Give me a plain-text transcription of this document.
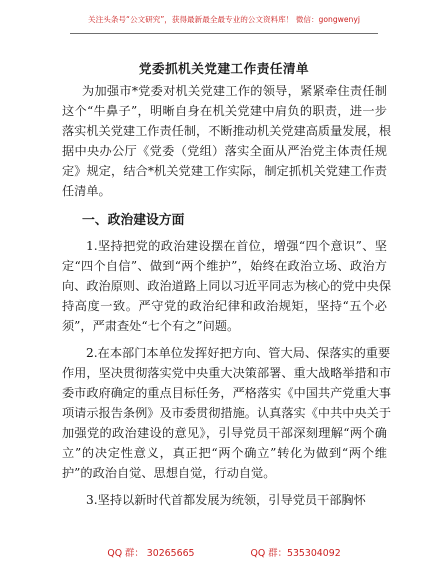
关注头条号“公文研究”，获得最新最全最专业的公文资料库！ 微信：gongwenyj
党委抓机关党建工作责任清单
为加强市*党委对机关党建工作的领导，紧紧牵住责任制
这个“牛鼻子”，明晰自身在机关党建中肩负的职责，进一步
落实机关党建工作责任制，不断推动机关党建高质量发展，根
据中央办公厅《党委（党组）落实全面从严治党主体责任规
定》规定，结合*机关党建工作实际，制定抓机关党建工作责
任清单。
一、政治建设方面
1.坚持把党的政治建设摆在首位，增强“四个意识”、坚
定“四个自信”、做到“两个维护”，始终在政治立场、政治方
向、政治原则、政治道路上同以习近平同志为核心的党中央保
持高度一致。严守党的政治纪律和政治规矩，坚持“五个必
须”，严肃查处“七个有之”问题。
2.在本部门本单位发挥好把方向、管大局、保落实的重要
作用，坚决贯彻落实党中央重大决策部署、重大战略举措和市
委市政府确定的重点目标任务，严格落实《中国共产党重大事
项请示报告条例》及市委贯彻措施。认真落实《中共中央关于
加强党的政治建设的意见》，引导党员干部深刻理解“两个确
立”的决定性意义，真正把“两个确立”转化为做到“两个维
护”的政治自觉、思想自觉，行动自觉。
3.坚持以新时代首都发展为统领，引导党员干部胸怀
QQ 群： 30265665	QQ 群：535304092
